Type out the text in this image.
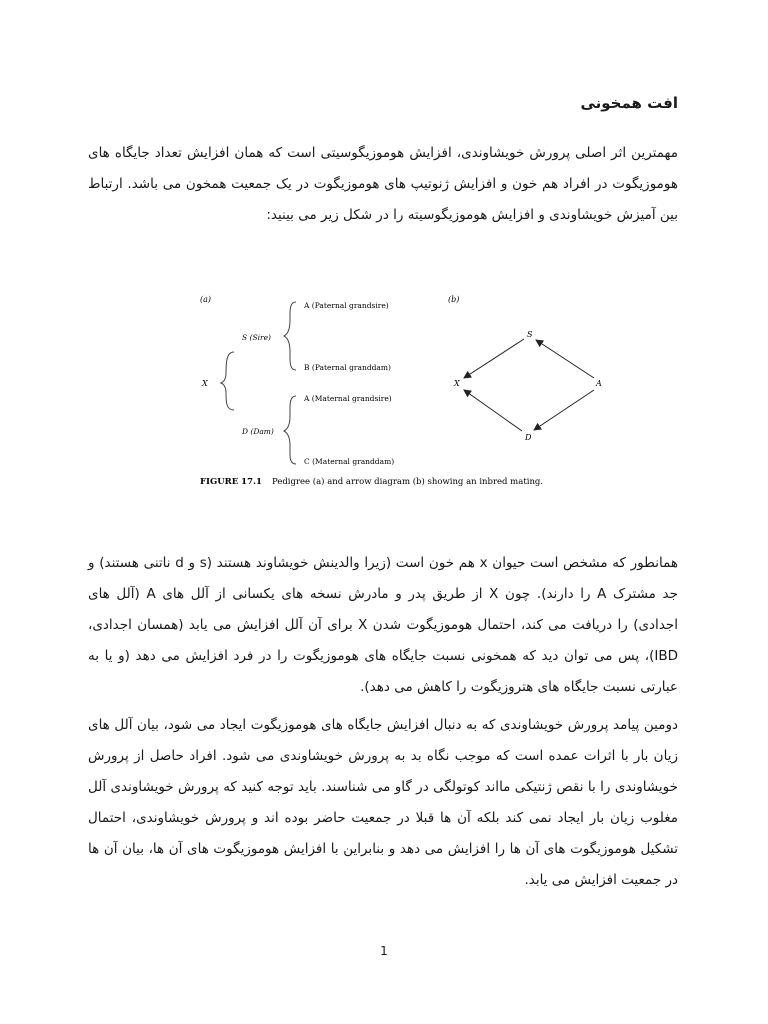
افت همخونی

مهمترین اثر اصلی پرورش خویشاوندی، افزایش هوموزیگوسیتی است که همان افزایش تعداد جایگاه های هوموزیگوت در افراد هم خون و افزایش ژنوتیپ های هوموزیگوت در یک جمعیت همخون می باشد. ارتباط بین آمیزش خویشاوندی و افزایش هوموزیگوسیته را در شکل زیر می بینید:

(a)	(b)
A (Paternal grandsire)
S (Sire)
B (Paternal granddam)
X
A (Maternal grandsire)
D (Dam)
C (Maternal granddam)
S
X	A
D
FIGURE 17.1 Pedigree (a) and arrow diagram (b) showing an inbred mating.

همانطور که مشخص است حیوان x هم خون است (زیرا والدینش خویشاوند هستند (s و d ناتنی هستند) و جد مشترک A را دارند). چون X از طریق پدر و مادرش نسخه های یکسانی از آلل های A (آلل های اجدادی) را دریافت می کند، احتمال هوموزیگوت شدن X برای آن آلل افزایش می یابد (همسان اجدادی، IBD)، پس می توان دید که همخونی نسبت جایگاه های هوموزیگوت را در فرد افزایش می دهد (و یا به عبارتی نسبت جایگاه های هتروزیگوت را کاهش می دهد).

دومین پیامد پرورش خویشاوندی که به دنبال افزایش جایگاه های هوموزیگوت ایجاد می شود، بیان آلل های زیان بار با اثرات عمده است که موجب نگاه بد به پرورش خویشاوندی می شود. افراد حاصل از پرورش خویشاوندی را با نقص ژنتیکی مااند کوتولگی در گاو می شناسند. باید توجه کنید که پرورش خویشاوندی آلل مغلوب زیان بار ایجاد نمی کند بلکه آن ها قبلا در جمعیت حاضر بوده اند و پرورش خویشاوندی، احتمال تشکیل هوموزیگوت های آن ها را افزایش می دهد و بنابراین با افزایش هوموزیگوت های آن ها، بیان آن ها در جمعیت افزایش می یابد.

1
